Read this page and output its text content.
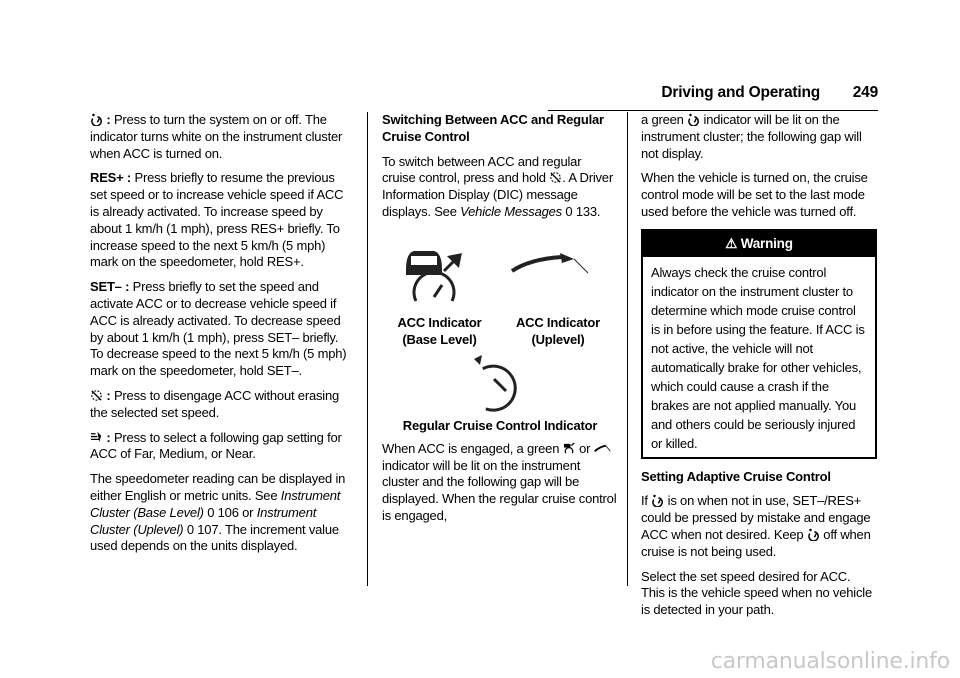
Driving and Operating 249

: Press to turn the system on or off. The indicator turns white on the instrument cluster when ACC is turned on.

RES+ : Press briefly to resume the previous set speed or to increase vehicle speed if ACC is already activated. To increase speed by about 1 km/h (1 mph), press RES+ briefly. To increase speed to the next 5 km/h (5 mph) mark on the speedometer, hold RES+.

SET– : Press briefly to set the speed and activate ACC or to decrease vehicle speed if ACC is already activated. To decrease speed by about 1 km/h (1 mph), press SET– briefly. To decrease speed to the next 5 km/h (5 mph) mark on the speedometer, hold SET–.

: Press to disengage ACC without erasing the selected set speed.

: Press to select a following gap setting for ACC of Far, Medium, or Near.

The speedometer reading can be displayed in either English or metric units. See Instrument Cluster (Base Level) 0 106 or Instrument Cluster (Uplevel) 0 107. The increment value used depends on the units displayed.

Switching Between ACC and Regular Cruise Control

To switch between ACC and regular cruise control, press and hold
. A Driver Information Display (DIC) message displays. See Vehicle Messages 0 133.

ACC Indicator (Base Level)
ACC Indicator (Uplevel)
Regular Cruise Control Indicator

When ACC is engaged, a green
or
indicator will be lit on the instrument cluster and the following gap will be displayed. When the regular cruise control is engaged,

a green
indicator will be lit on the instrument cluster; the following gap will not display.

When the vehicle is turned on, the cruise control mode will be set to the last mode used before the vehicle was turned off.

⚠ Warning
Always check the cruise control indicator on the instrument cluster to determine which mode cruise control is in before using the feature. If ACC is not active, the vehicle will not automatically brake for other vehicles, which could cause a crash if the brakes are not applied manually. You and others could be seriously injured or killed.

Setting Adaptive Cruise Control

If
is on when not in use, SET–/RES+ could be pressed by mistake and engage ACC when not desired. Keep
off when cruise is not being used.

Select the set speed desired for ACC. This is the vehicle speed when no vehicle is detected in your path.

carmanualsonline.info
